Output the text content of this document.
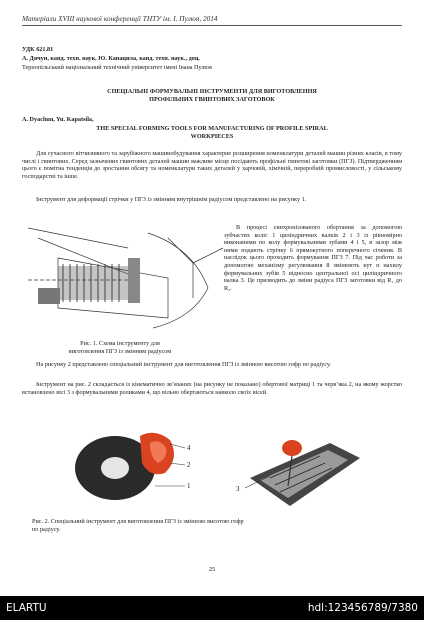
Матеріали XVIII наукової конференції ТНТУ ім. І. Пулюя, 2014
УДК 621.81
А. Дячун, канд. техн. наук, Ю. Капацила, канд. техн. наук., доц.
Тернопільський національний технічний університет імені Івана Пулюя
СПЕЦІАЛЬНІ ФОРМУВАЛЬНІ ІНСТРУМЕНТИ ДЛЯ ВИГОТОВЛЕННЯ
ПРОФІЛЬНИХ ГВИНТОВИХ ЗАГОТОВОК
A. Dyachun, Yu. Kapatsila,
THE SPECIAL FORMING TOOLS FOR MANUFACTURING OF PROFILE SPIRAL
WORKPIECES
Для сучасного вітчизняного та зарубіжного машинобудування характерне розширення номенклатури деталей машин різних класів, в тому числі і гвинтових. Серед зазначених гвинтових деталей машин важливе місце посідають профільні гвинтові заготовки (ПГЗ). Підтвердженням цього є помітна тенденція до зростання обсягу та номенклатури таких деталей у харчовій, хімічній, переробній промисловості, у сільському господарстві та інше.
Інструмент для деформації стрічки у ПГЗ із змінним внутрішнім радіусом представлено на рисунку 1.
В процесі синхронізованого обертання за допомогою зубчастих коліс 1 циліндричних валків 2 і 3 із рівномірно виконаними по колу формувальними зубами 4 і 5, в зазор між ними подають стрічку 6 прямокутного поперечного січення. В наслідок цього проходить формування ПГЗ 7. Під час роботи за допомогою механізму регулювання 8 змінюють кут α нахилу формувальних зубів 5 відносно центральної осі циліндричного валка 3. Це призводить до зміни радіуса ПГЗ заготовки від R₁ до R₂.
Рис. 1. Схема інструменту для
виготовлення ПГЗ із змінним радіусом
На рисунку 2 представлено спеціальний інструмент для виготовлення ПГЗ із змінною висотою гофр по радіусу.
Інструмент на рис. 2 складається із кінематично зв’язаних (на рисунку не показано) обертової матриці 1 та черв’яка 2, на якому жорстко встановлено вісі 3 з формувальними роликами 4, що вільно обертаються навколо своїх вісей.
4
2
1	3
Рис. 2. Спеціальний інструмент для виготовлення ПГЗ із змінною висотою гофр
по радіусу.
25
ELARTU	hdl:123456789/7380
